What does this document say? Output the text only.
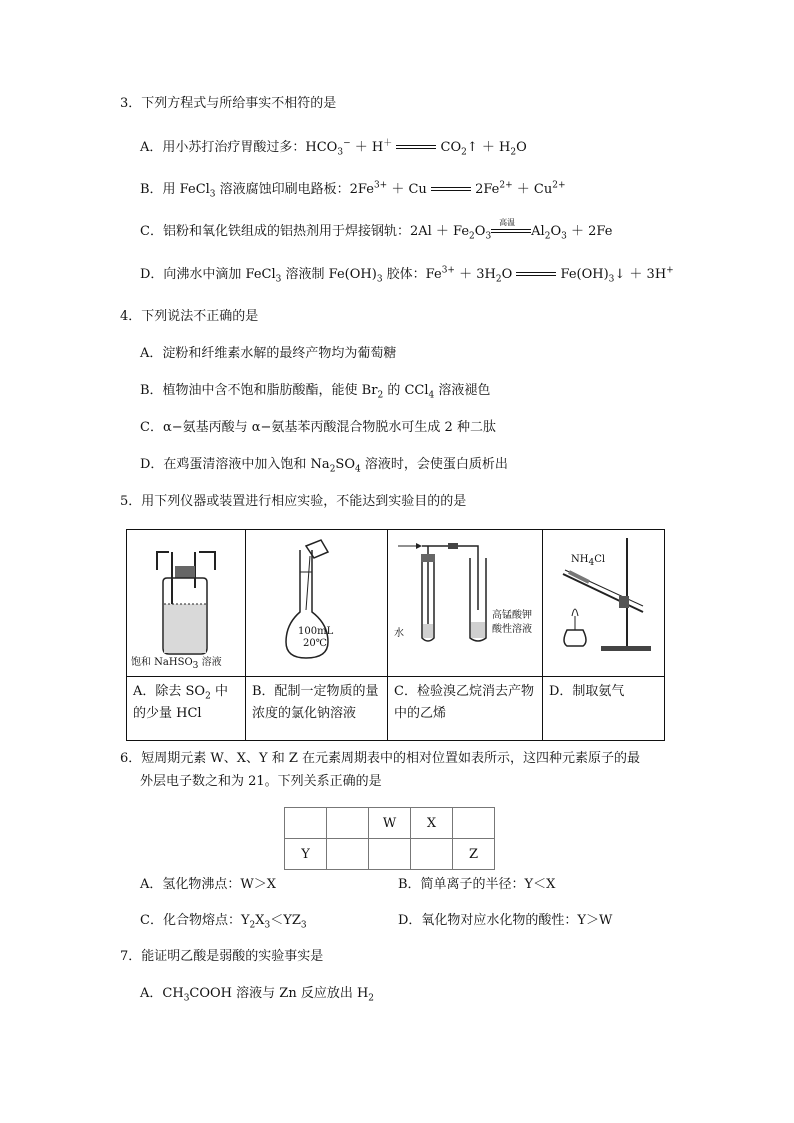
3．下列方程式与所给事实不相符的是
A．用小苏打治疗胃酸过多：$HCO_3^- + H^+$	$CO_2↑ + H_2O$
B．用 FeCl$_3$ 溶液腐蚀印刷电路板：$2Fe^{3+} + Cu$	$2Fe^{2+} + Cu^{2+}$
C．铝粉和氧化铁组成的铝热剂用于焊接钢轨：$2Al + Fe_2O_3$
高温
$Al_2O_3 + 2Fe$
D．向沸水中滴加 FeCl$_3$ 溶液制 $Fe(OH)_3$ 胶体：$Fe^{3+} + 3H_2O$	$Fe(OH)_3↓ + 3H^+$
4．下列说法不正确的是
A．淀粉和纤维素水解的最终产物均为葡萄糖
B．植物油中含不饱和脂肪酸酯，能使 $Br_2$ 的 CCl$_4$ 溶液褪色
C．α−氨基丙酸与 α−氨基苯丙酸混合物脱水可生成 2 种二肽
D．在鸡蛋清溶液中加入饱和 $Na_2SO_4$ 溶液时，会使蛋白质析出
5．用下列仪器或装置进行相应实验，不能达到实验目的的是
饱和 NaHSO$_3$ 溶液
100mL
20℃
水
高锰酸钾
酸性溶液
$NH_4Cl$
A．除去 $SO_2$ 中
的少量 HCl
B．配制一定物质的量浓度的氯化钠溶液
C．检验溴乙烷消去产物中的乙烯
D．制取氨气
6．短周期元素 W、X、Y 和 Z 在元素周期表中的相对位置如表所示，这四种元素原子的最
外层电子数之和为 21。下列关系正确的是
		W	X	
Y				Z
A．氢化物沸点：W＞X	B．简单离子的半径：Y＜X
C．化合物熔点：$Y_2X_3<YZ_3$	D．氧化物对应水化物的酸性：Y＞W
7．能证明乙酸是弱酸的实验事实是
A．$CH_3COOH$ 溶液与 Zn 反应放出 $H_2$
